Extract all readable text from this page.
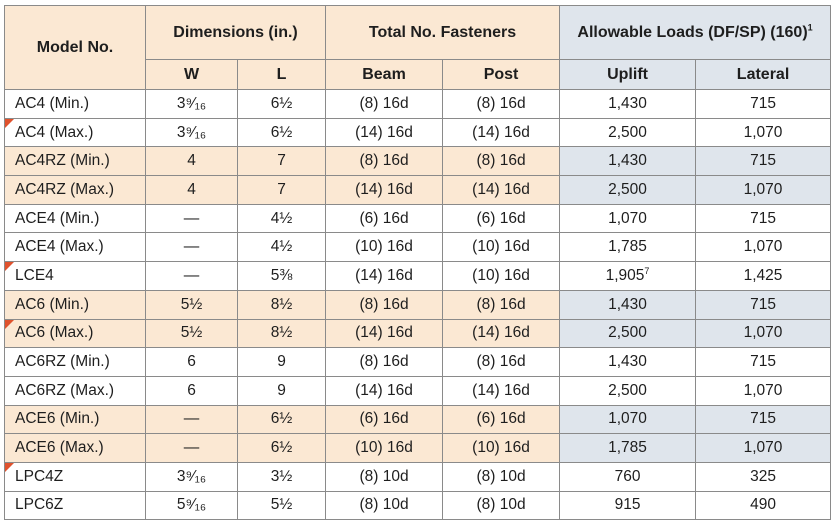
Model No.	Dimensions (in.)		Total No. Fasteners		Allowable Loads (DF/SP) $(160)^1$
	W	L	Beam	Post	Uplift	Lateral
AC4 (Min.)	3⁹⁄₁₆	6½	(8) 16d	(8) 16d	1,430	715

AC4 (Max.)	3⁹⁄₁₆	6½	(14) 16d	(14) 16d	2,500	1,070
AC4RZ (Min.)	4	7	(8) 16d	(8) 16d	1,430	715
AC4RZ (Max.)	4	7	(14) 16d	(14) 16d	2,500	1,070
ACE4 (Min.)	—	4½	(6) 16d	(6) 16d	1,070	715
ACE4 (Max.)	—	4½	(10) 16d	(10) 16d	1,785	1,070

LCE4	—	5⅜	(14) 16d	(10) 16d	1,905$^7$	1,425
AC6 (Min.)	5½	8½	(8) 16d	(8) 16d	1,430	715

AC6 (Max.)	5½	8½	(14) 16d	(14) 16d	2,500	1,070
AC6RZ (Min.)	6	9	(8) 16d	(8) 16d	1,430	715
AC6RZ (Max.)	6	9	(14) 16d	(14) 16d	2,500	1,070
ACE6 (Min.)	—	6½	(6) 16d	(6) 16d	1,070	715
ACE6 (Max.)	—	6½	(10) 16d	(10) 16d	1,785	1,070

LPC4Z	3⁹⁄₁₆	3½	(8) 10d	(8) 10d	760	325
LPC6Z	5⁹⁄₁₆	5½	(8) 10d	(8) 10d	915	490
